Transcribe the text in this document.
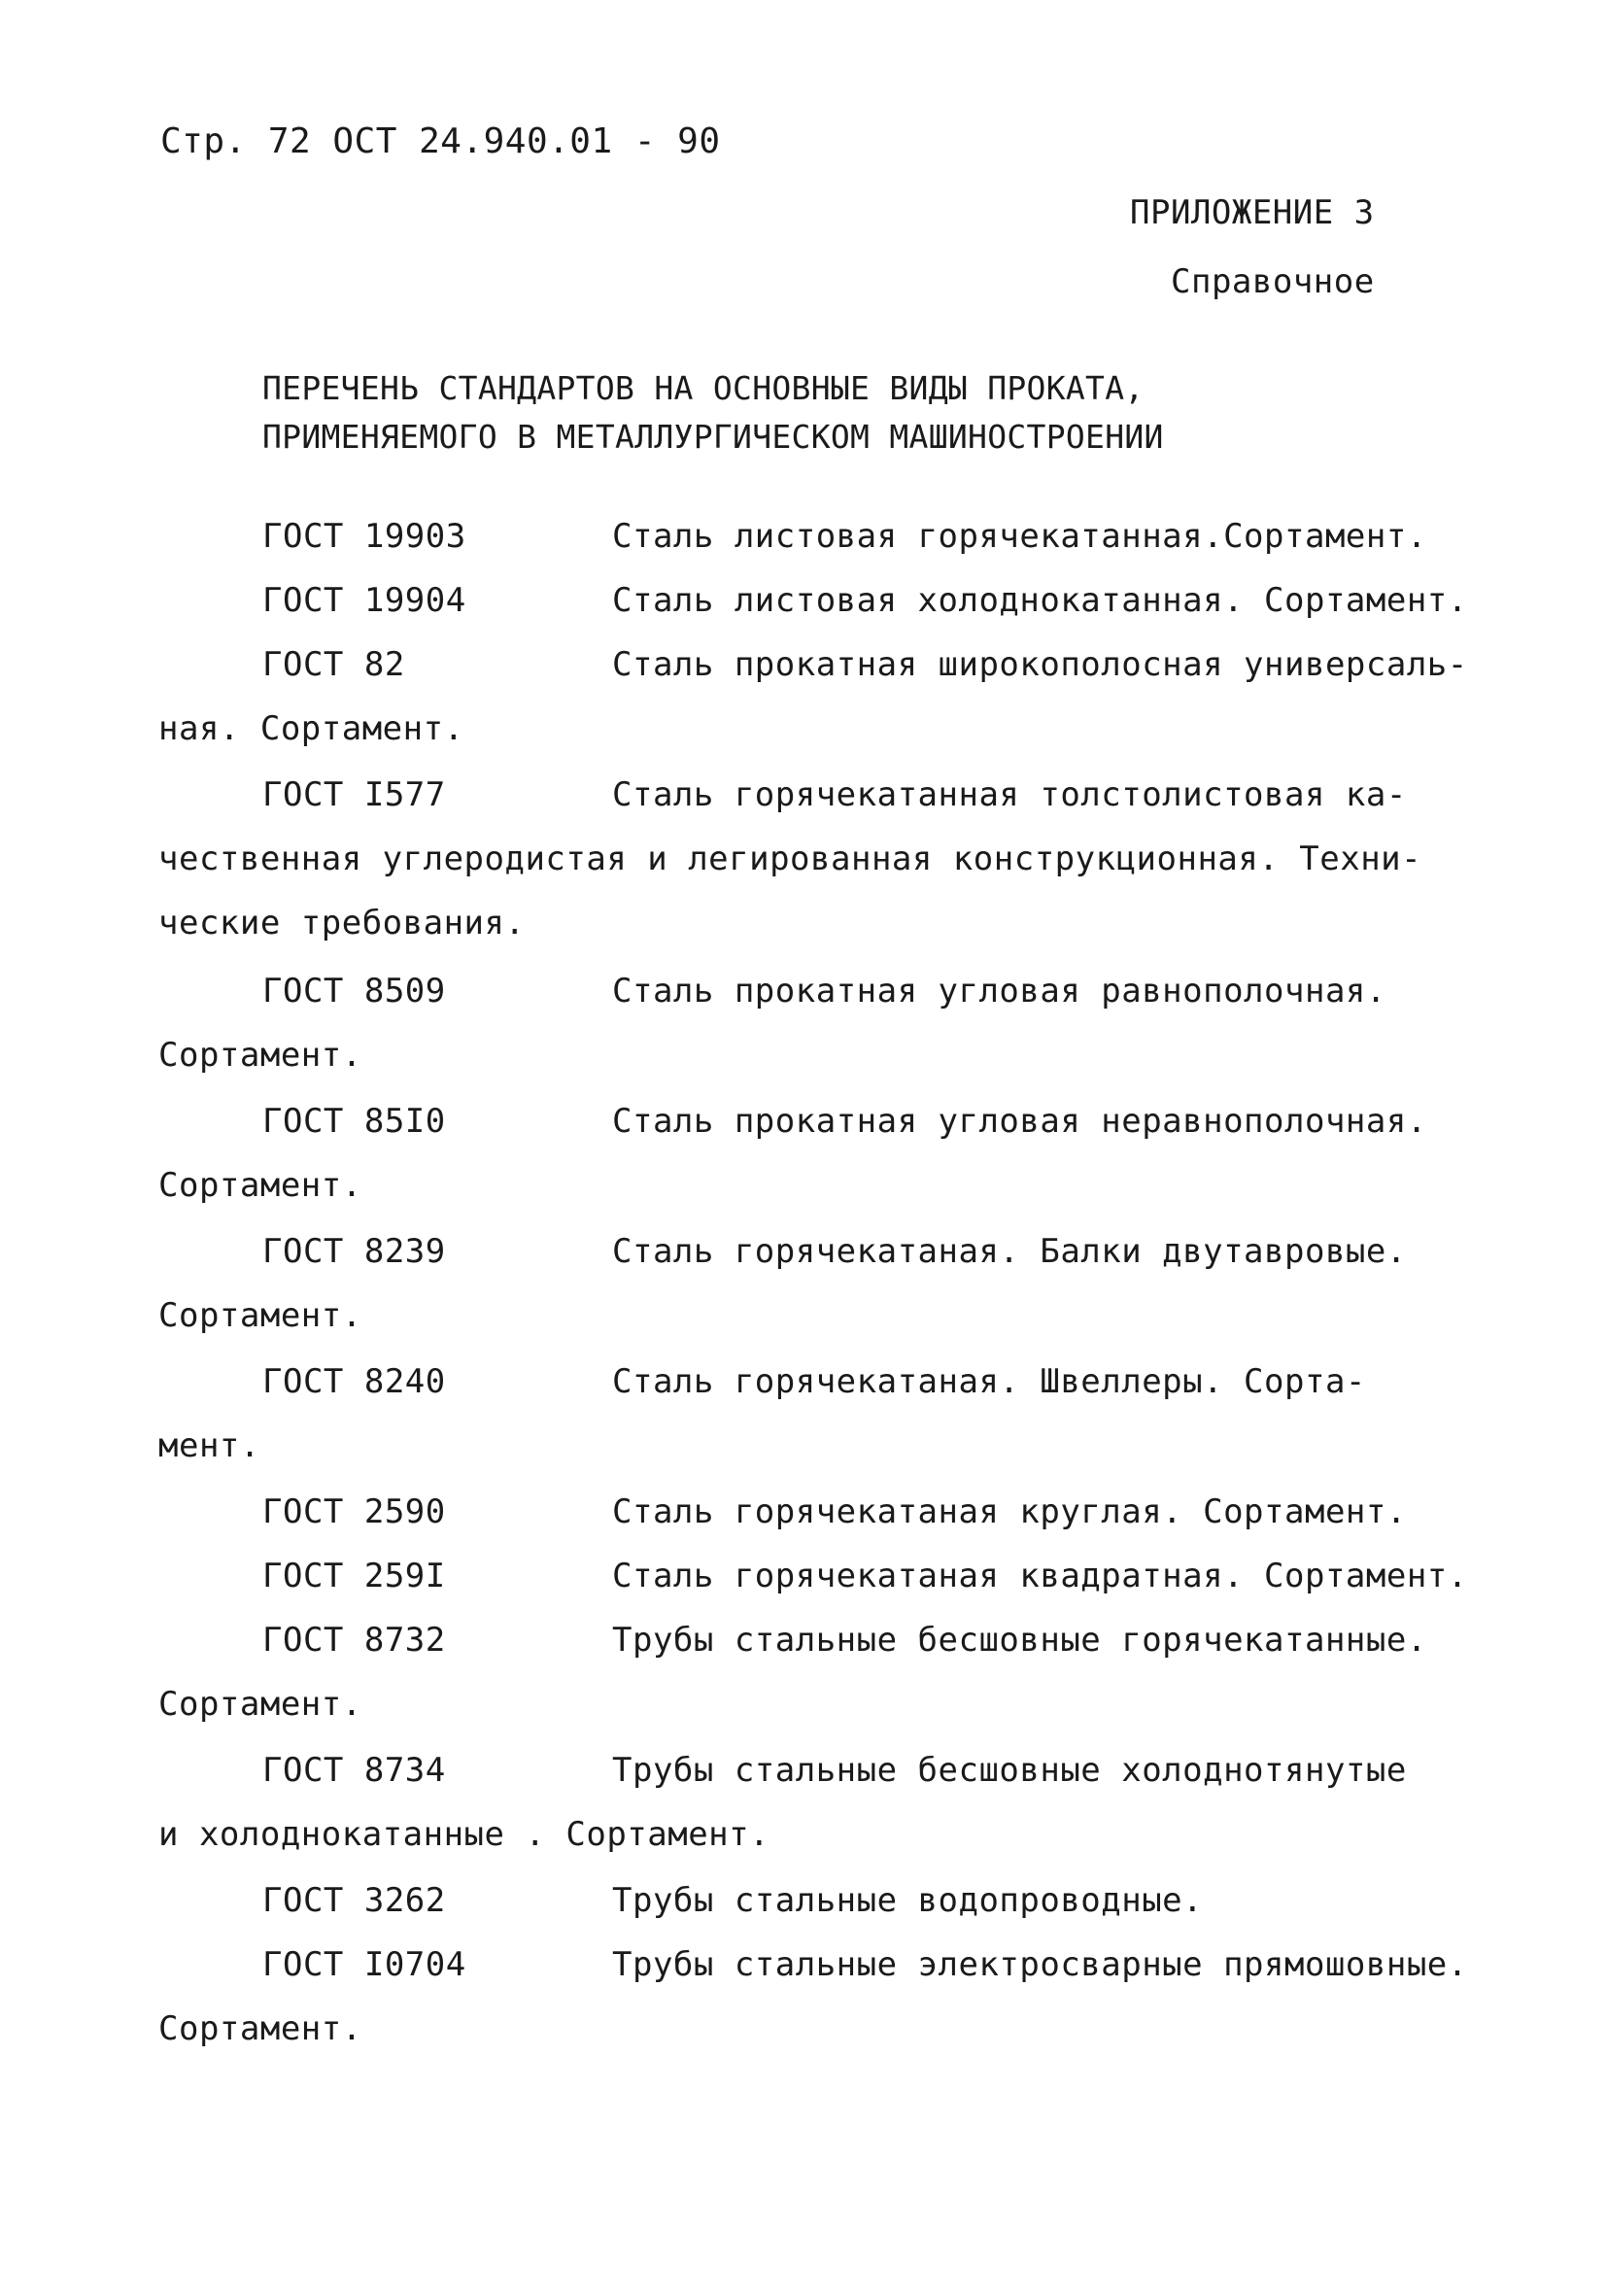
Стр. 72 ОСТ 24.940.01 - 90
ПРИЛОЖЕНИЕ 3
Справочное
ПЕРЕЧЕНЬ СТАНДАРТОВ НА ОСНОВНЫЕ ВИДЫ ПРОКАТА,
ПРИМЕНЯЕМОГО В МЕТАЛЛУРГИЧЕСКОМ МАШИНОСТРОЕНИИ
ГОСТ 19903	Сталь листовая горячекатанная.Сортамент.
ГОСТ 19904	Сталь листовая холоднокатанная. Сортамент.
ГОСТ 82	Сталь прокатная широкополосная универсаль-
ная. Сортамент.
ГОСТ I577	Сталь горячекатанная толстолистовая ка-
чественная углеродистая и легированная конструкционная. Техни-
ческие требования.
ГОСТ 8509	Сталь прокатная угловая равнополочная.
Сортамент.
ГОСТ 85I0	Сталь прокатная угловая неравнополочная.
Сортамент.
ГОСТ 8239	Сталь горячекатаная. Балки двутавровые.
Сортамент.
ГОСТ 8240	Сталь горячекатаная. Швеллеры. Сорта-
мент.
ГОСТ 2590	Сталь горячекатаная круглая. Сортамент.
ГОСТ 259I	Сталь горячекатаная квадратная. Сортамент.
ГОСТ 8732	Трубы стальные бесшовные горячекатанные.
Сортамент.
ГОСТ 8734	Трубы стальные бесшовные холоднотянутые
и холоднокатанные . Сортамент.
ГОСТ 3262	Трубы стальные водопроводные.
ГОСТ I0704	Трубы стальные электросварные прямошовные.
Сортамент.
